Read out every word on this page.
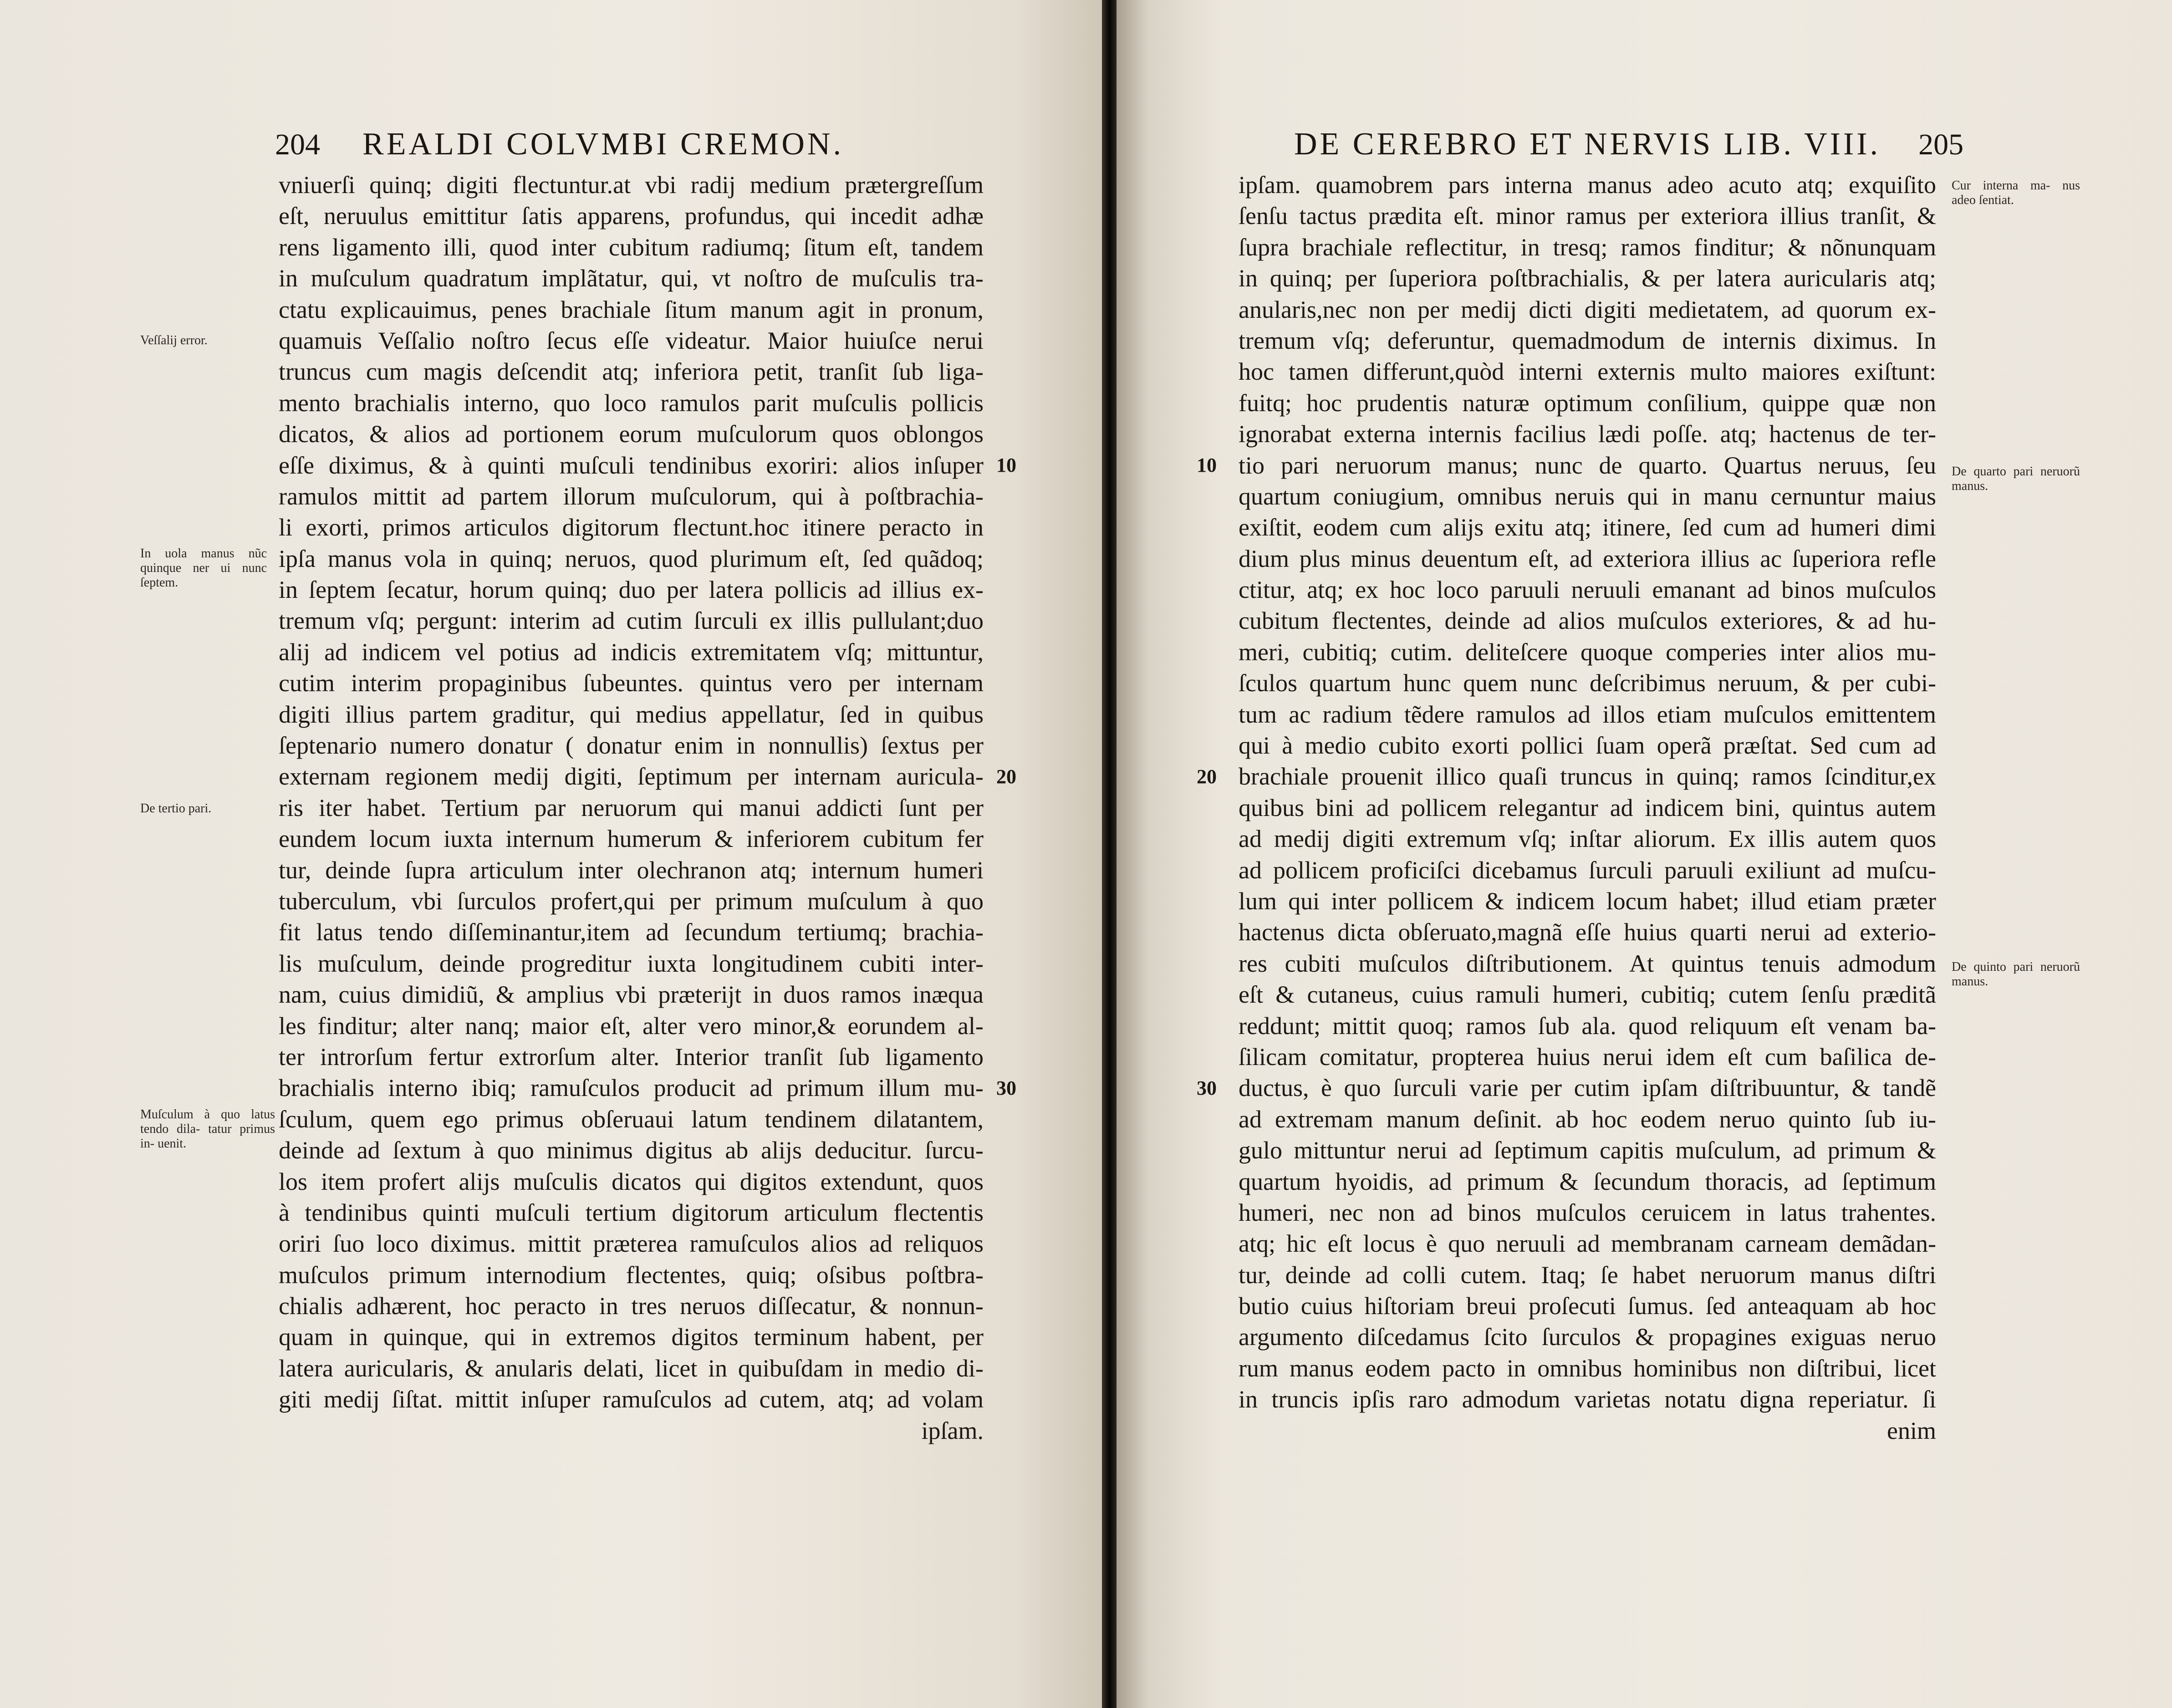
204 REALDI COLVMBI CREMON.
vniuerſi quinq; digiti flectuntur.at vbi radij medium prætergreſſum
eſt, neruulus emittitur ſatis apparens, profundus, qui incedit adhæ
rens ligamento illi, quod inter cubitum radiumq; ſitum eſt, tandem
in muſculum quadratum implãtatur, qui, vt noſtro de muſculis tra-
ctatu explicauimus, penes brachiale ſitum manum agit in pronum,
quamuis Veſſalio noſtro ſecus eſſe videatur. Maior huiuſce nerui
truncus cum magis deſcendit atq; inferiora petit, tranſit ſub liga-
mento brachialis interno, quo loco ramulos parit muſculis pollicis
dicatos, & alios ad portionem eorum muſculorum quos oblongos
eſſe diximus, & à quinti muſculi tendinibus exoriri: alios inſuper
ramulos mittit ad partem illorum muſculorum, qui à poſtbrachia-
li exorti, primos articulos digitorum flectunt.hoc itinere peracto in
ipſa manus vola in quinq; neruos, quod plurimum eſt, ſed quãdoq;
in ſeptem ſecatur, horum quinq; duo per latera pollicis ad illius ex-
tremum vſq; pergunt: interim ad cutim ſurculi ex illis pullulant;duo
alij ad indicem vel potius ad indicis extremitatem vſq; mittuntur,
cutim interim propaginibus ſubeuntes. quintus vero per internam
digiti illius partem graditur, qui medius appellatur, ſed in quibus
ſeptenario numero donatur ( donatur enim in nonnullis) ſextus per
externam regionem medij digiti, ſeptimum per internam auricula-
ris iter habet. Tertium par neruorum qui manui addicti ſunt per
eundem locum iuxta internum humerum & inferiorem cubitum fer
tur, deinde ſupra articulum inter olechranon atq; internum humeri
tuberculum, vbi ſurculos profert,qui per primum muſculum à quo
fit latus tendo diſſeminantur,item ad ſecundum tertiumq; brachia-
lis muſculum, deinde progreditur iuxta longitudinem cubiti inter-
nam, cuius dimidiũ, & amplius vbi præterijt in duos ramos inæqua
les finditur; alter nanq; maior eſt, alter vero minor,& eorundem al-
ter introrſum fertur extrorſum alter. Interior tranſit ſub ligamento
brachialis interno ibiq; ramuſculos producit ad primum illum mu-
ſculum, quem ego primus obſeruaui latum tendinem dilatantem,
deinde ad ſextum à quo minimus digitus ab alijs deducitur. ſurcu-
los item profert alijs muſculis dicatos qui digitos extendunt, quos
à tendinibus quinti muſculi tertium digitorum articulum flectentis
oriri ſuo loco diximus. mittit præterea ramuſculos alios ad reliquos
muſculos primum internodium flectentes, quiq; oſsibus poſtbra-
chialis adhærent, hoc peracto in tres neruos diſſecatur, & nonnun-
quam in quinque, qui in extremos digitos terminum habent, per
latera auricularis, & anularis delati, licet in quibuſdam in medio di-
giti medij ſiſtat. mittit inſuper ramuſculos ad cutem, atq; ad volam
ipſam.
10
20
30
Veſſalij error.
In uola manus nũc quinque ner ui nunc ſeptem.
De tertio pari.
Muſculum à quo latus tendo dila- tatur primus in- uenit.
DE CEREBRO ET NERVIS LIB. VIII. 205
ipſam. quamobrem pars interna manus adeo acuto atq; exquiſito
ſenſu tactus prædita eſt. minor ramus per exteriora illius tranſit, &
ſupra brachiale reflectitur, in tresq; ramos finditur; & nõnunquam
in quinq; per ſuperiora poſtbrachialis, & per latera auricularis atq;
anularis,nec non per medij dicti digiti medietatem, ad quorum ex-
tremum vſq; deferuntur, quemadmodum de internis diximus. In
hoc tamen differunt,quòd interni externis multo maiores exiſtunt:
fuitq; hoc prudentis naturæ optimum conſilium, quippe quæ non
ignorabat externa internis facilius lædi poſſe. atq; hactenus de ter-
tio pari neruorum manus; nunc de quarto. Quartus neruus, ſeu
quartum coniugium, omnibus neruis qui in manu cernuntur maius
exiſtit, eodem cum alijs exitu atq; itinere, ſed cum ad humeri dimi
dium plus minus deuentum eſt, ad exteriora illius ac ſuperiora refle
ctitur, atq; ex hoc loco paruuli neruuli emanant ad binos muſculos
cubitum flectentes, deinde ad alios muſculos exteriores, & ad hu-
meri, cubitiq; cutim. deliteſcere quoque comperies inter alios mu-
ſculos quartum hunc quem nunc deſcribimus neruum, & per cubi-
tum ac radium tẽdere ramulos ad illos etiam muſculos emittentem
qui à medio cubito exorti pollici ſuam operã præſtat. Sed cum ad
brachiale prouenit illico quaſi truncus in quinq; ramos ſcinditur,ex
quibus bini ad pollicem relegantur ad indicem bini, quintus autem
ad medij digiti extremum vſq; inſtar aliorum. Ex illis autem quos
ad pollicem proficiſci dicebamus ſurculi paruuli exiliunt ad muſcu-
lum qui inter pollicem & indicem locum habet; illud etiam præter
hactenus dicta obſeruato,magnã eſſe huius quarti nerui ad exterio-
res cubiti muſculos diſtributionem. At quintus tenuis admodum
eſt & cutaneus, cuius ramuli humeri, cubitiq; cutem ſenſu præditã
reddunt; mittit quoq; ramos ſub ala. quod reliquum eſt venam ba-
ſilicam comitatur, propterea huius nerui idem eſt cum baſilica de-
ductus, è quo ſurculi varie per cutim ipſam diſtribuuntur, & tandẽ
ad extremam manum deſinit. ab hoc eodem neruo quinto ſub iu-
gulo mittuntur nerui ad ſeptimum capitis muſculum, ad primum &
quartum hyoidis, ad primum & ſecundum thoracis, ad ſeptimum
humeri, nec non ad binos muſculos ceruicem in latus trahentes.
atq; hic eſt locus è quo neruuli ad membranam carneam demãdan-
tur, deinde ad colli cutem. Itaq; ſe habet neruorum manus diſtri
butio cuius hiſtoriam breui proſecuti ſumus. ſed anteaquam ab hoc
argumento diſcedamus ſcito ſurculos & propagines exiguas neruo
rum manus eodem pacto in omnibus hominibus non diſtribui, licet
in truncis ipſis raro admodum varietas notatu digna reperiatur. ſi
enim
10
20
30
Cur interna ma- nus adeo ſentiat.
De quarto pari neruorũ manus.
De quinto pari neruorũ manus.
